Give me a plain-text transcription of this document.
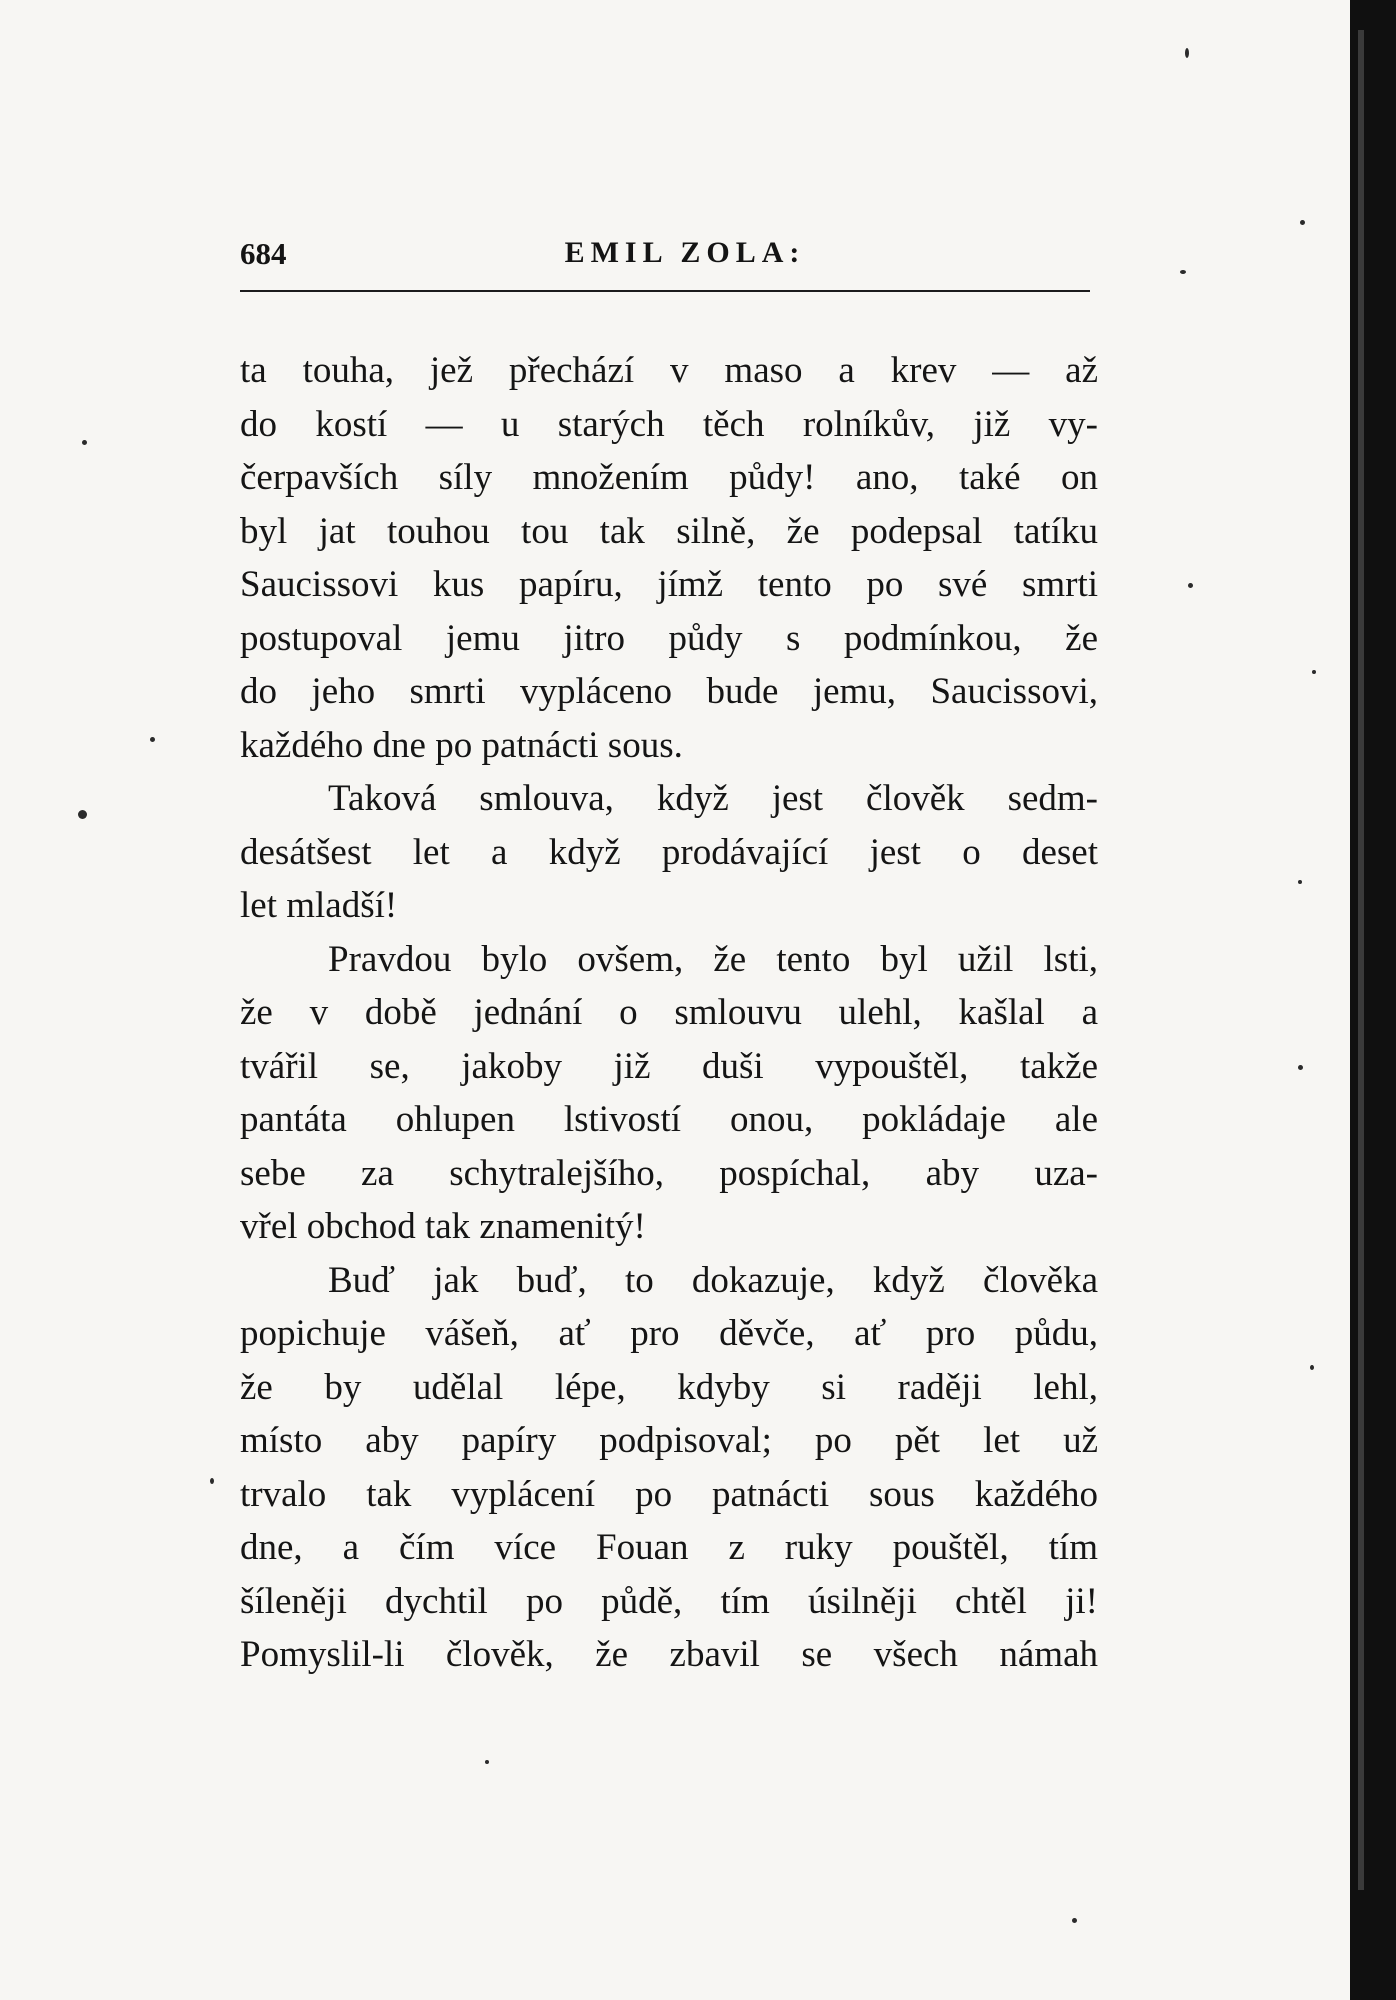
684	EMIL ZOLA:
ta touha, jež přechází v maso a krev — až
do kostí — u starých těch rolníkův, již vy-
čerpavších síly množením půdy! ano, také on
byl jat touhou tou tak silně, že podepsal tatíku
Saucissovi kus papíru, jímž tento po své smrti
postupoval jemu jitro půdy s podmínkou, že
do jeho smrti vypláceno bude jemu, Saucissovi,
každého dne po patnácti sous.
Taková smlouva, když jest člověk sedm-
desátšest let a když prodávající jest o deset
let mladší!
Pravdou bylo ovšem, že tento byl užil lsti,
že v době jednání o smlouvu ulehl, kašlal a
tvářil se, jakoby již duši vypouštěl, takže
pantáta ohlupen lstivostí onou, pokládaje ale
sebe za schytralejšího, pospíchal, aby uza-
vřel obchod tak znamenitý!
Buď jak buď, to dokazuje, když člověka
popichuje vášeň, ať pro děvče, ať pro půdu,
že by udělal lépe, kdyby si raději lehl,
místo aby papíry podpisoval; po pět let už
trvalo tak vyplácení po patnácti sous každého
dne, a čím více Fouan z ruky pouštěl, tím
šíleněji dychtil po půdě, tím úsilněji chtěl ji!
Pomyslil-li člověk, že zbavil se všech námah
